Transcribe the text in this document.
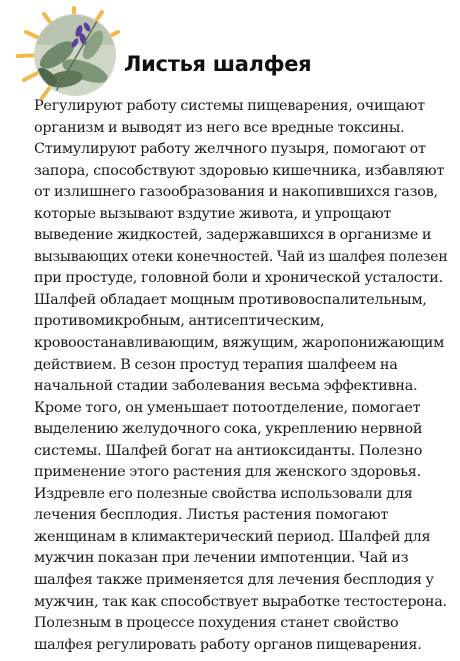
Листья шалфея
Регулируют работу системы пищеварения, очищают
организм и выводят из него все вредные токсины.
Стимулируют работу желчного пузыря, помогают от
запора, способствуют здоровью кишечника, избавляют
от излишнего газообразования и накопившихся газов,
которые вызывают вздутие живота, и упрощают
выведение жидкостей, задержавшихся в организме и
вызывающих отеки конечностей. Чай из шалфея полезен
при простуде, головной боли и хронической усталости.
Шалфей обладает мощным противовоспалительным,
противомикробным, антисептическим,
кровоостанавливающим, вяжущим, жаропонижающим
действием. В сезон простуд терапия шалфеем на
начальной стадии заболевания весьма эффективна.
Кроме того, он уменьшает потоотделение, помогает
выделению желудочного сока, укреплению нервной
системы. Шалфей богат на антиоксиданты. Полезно
применение этого растения для женского здоровья.
Издревле его полезные свойства использовали для
лечения бесплодия. Листья растения помогают
женщинам в климактерический период. Шалфей для
мужчин показан при лечении импотенции. Чай из
шалфея также применяется для лечения бесплодия у
мужчин, так как способствует выработке тестостерона.
Полезным в процессе похудения станет свойство
шалфея регулировать работу органов пищеварения.
